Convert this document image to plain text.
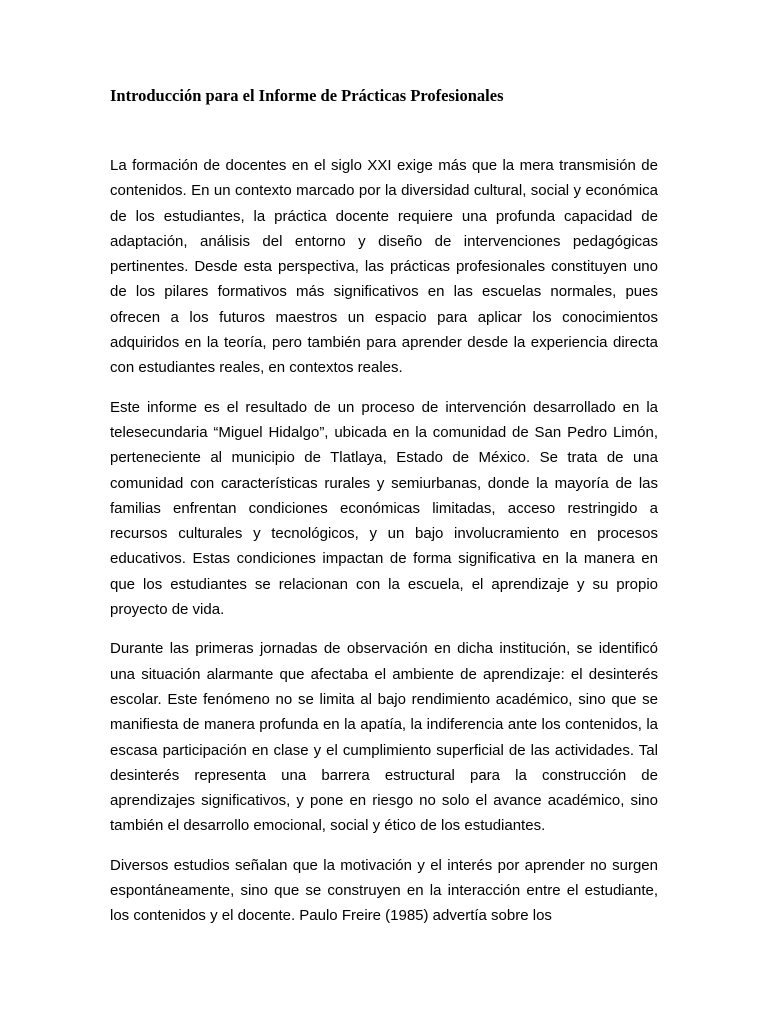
Introducción para el Informe de Prácticas Profesionales

La formación de docentes en el siglo XXI exige más que la mera transmisión de contenidos. En un contexto marcado por la diversidad cultural, social y económica de los estudiantes, la práctica docente requiere una profunda capacidad de adaptación, análisis del entorno y diseño de intervenciones pedagógicas pertinentes. Desde esta perspectiva, las prácticas profesionales constituyen uno de los pilares formativos más significativos en las escuelas normales, pues ofrecen a los futuros maestros un espacio para aplicar los conocimientos adquiridos en la teoría, pero también para aprender desde la experiencia directa con estudiantes reales, en contextos reales.

Este informe es el resultado de un proceso de intervención desarrollado en la telesecundaria “Miguel Hidalgo”, ubicada en la comunidad de San Pedro Limón, perteneciente al municipio de Tlatlaya, Estado de México. Se trata de una comunidad con características rurales y semiurbanas, donde la mayoría de las familias enfrentan condiciones económicas limitadas, acceso restringido a recursos culturales y tecnológicos, y un bajo involucramiento en procesos educativos. Estas condiciones impactan de forma significativa en la manera en que los estudiantes se relacionan con la escuela, el aprendizaje y su propio proyecto de vida.

Durante las primeras jornadas de observación en dicha institución, se identificó una situación alarmante que afectaba el ambiente de aprendizaje: el desinterés escolar. Este fenómeno no se limita al bajo rendimiento académico, sino que se manifiesta de manera profunda en la apatía, la indiferencia ante los contenidos, la escasa participación en clase y el cumplimiento superficial de las actividades. Tal desinterés representa una barrera estructural para la construcción de aprendizajes significativos, y pone en riesgo no solo el avance académico, sino también el desarrollo emocional, social y ético de los estudiantes.

Diversos estudios señalan que la motivación y el interés por aprender no surgen espontáneamente, sino que se construyen en la interacción entre el estudiante, los contenidos y el docente. Paulo Freire (1985) advertía sobre los
